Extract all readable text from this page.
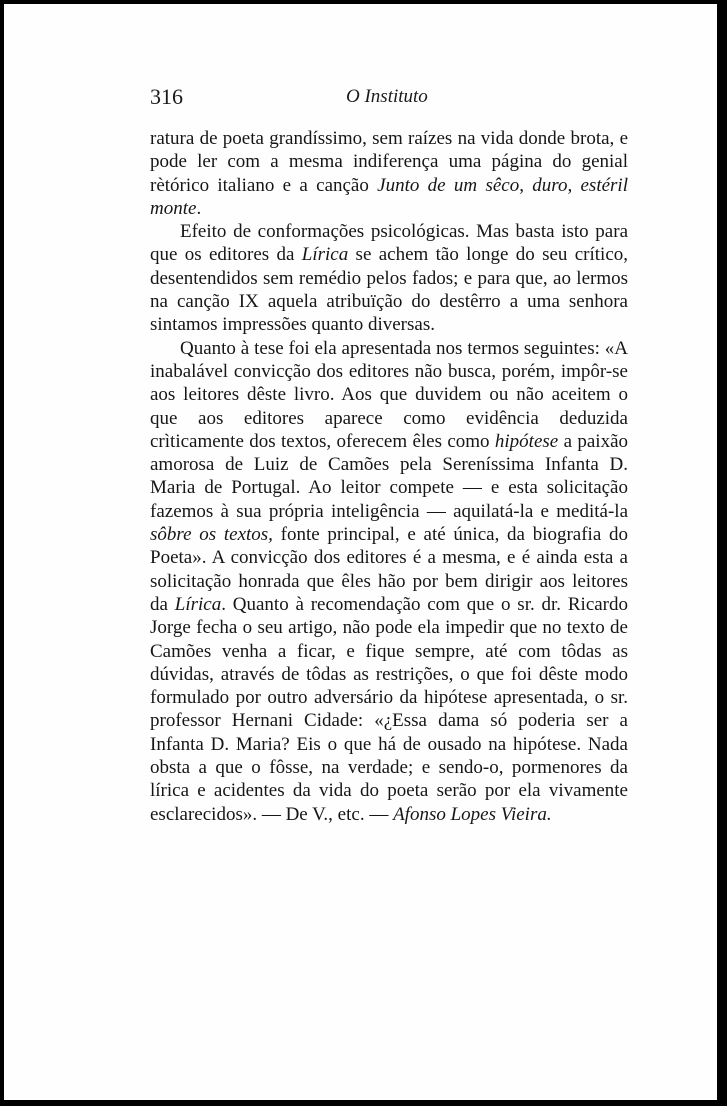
316	O Instituto

ratura de poeta grandíssimo, sem raízes na vida donde brota, e pode ler com a mesma indiferença uma página do genial rètórico italiano e a canção Junto de um sêco, duro, estéril monte.

Efeito de conformações psicológicas. Mas basta isto para que os editores da Lírica se achem tão longe do seu crítico, desentendidos sem remédio pelos fados; e para que, ao lermos na canção IX aquela atribuïção do destêrro a uma senhora sintamos impressões quanto diversas.

Quanto à tese foi ela apresentada nos termos seguintes: «A inabalável convicção dos editores não busca, porém, impôr-se aos leitores dêste livro. Aos que duvidem ou não aceitem o que aos editores aparece como evidência deduzida crìticamente dos textos, oferecem êles como hipótese a paixão amorosa de Luiz de Camões pela Sereníssima Infanta D. Maria de Portugal. Ao leitor compete — e esta solicitação fazemos à sua própria inteligência — aquilatá-la e meditá-la sôbre os textos, fonte principal, e até única, da biografia do Poeta». A convicção dos editores é a mesma, e é ainda esta a solicitação honrada que êles hão por bem dirigir aos leitores da Lírica. Quanto à recomendação com que o sr. dr. Ricardo Jorge fecha o seu artigo, não pode ela impedir que no texto de Camões venha a ficar, e fique sempre, até com tôdas as dúvidas, através de tôdas as restrições, o que foi dêste modo formulado por outro adversário da hipótese apresentada, o sr. professor Hernani Cidade: «¿Essa dama só poderia ser a Infanta D. Maria? Eis o que há de ousado na hipótese. Nada obsta a que o fôsse, na verdade; e sendo-o, pormenores da lírica e acidentes da vida do poeta serão por ela vivamente esclarecidos». — De V., etc. — Afonso Lopes Vieira.
